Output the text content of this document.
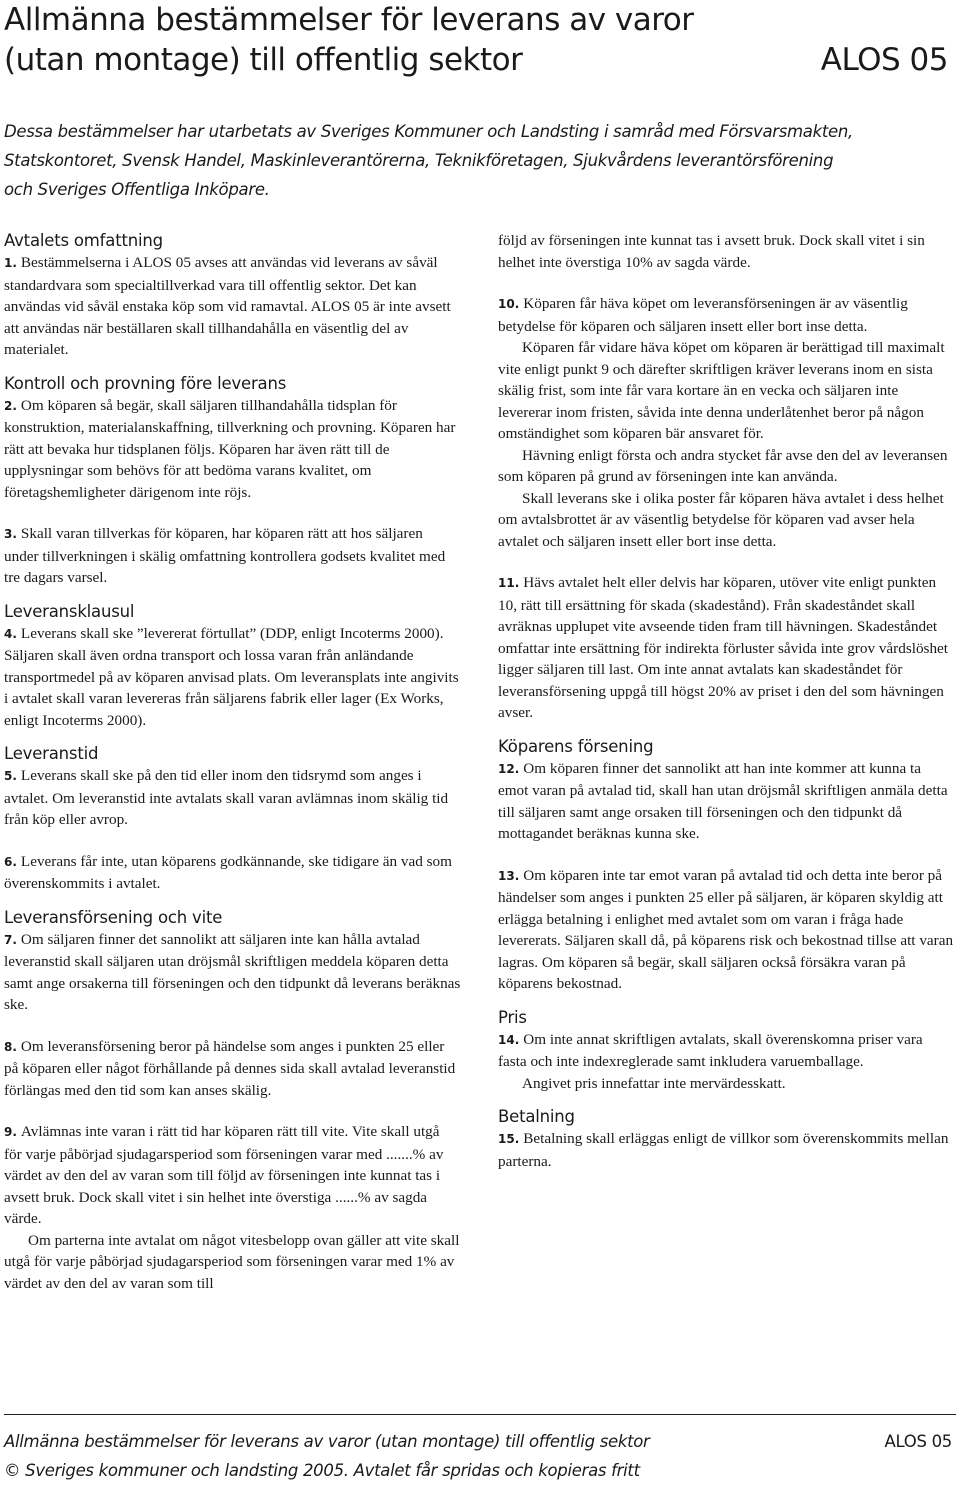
Allmänna bestämmelser för leverans av varor
(utan montage) till offentlig sektor	ALOS 05
Dessa bestämmelser har utarbetats av Sveriges Kommuner och Landsting i samråd med Försvarsmakten,
Statskontoret, Svensk Handel, Maskinleverantörerna, Teknikföretagen, Sjukvårdens leverantörsförening
och Sveriges Offentliga Inköpare.
Avtalets omfattning

1. Bestämmelserna i ALOS 05 avses att användas vid leverans av såväl standardvara som specialtillverkad vara till offentlig sektor. Det kan användas vid såväl enstaka köp som vid ramavtal. ALOS 05 är inte avsett att användas när beställaren skall tillhandahålla en väsentlig del av materialet.

Kontroll och provning före leverans

2. Om köparen så begär, skall säljaren tillhandahålla tidsplan för konstruktion, materialanskaffning, tillverkning och provning. Köparen har rätt att bevaka hur tidsplanen följs. Köparen har även rätt till de upplysningar som behövs för att bedöma varans kvalitet, om företagshemligheter därigenom inte röjs.

3. Skall varan tillverkas för köparen, har köparen rätt att hos säljaren under tillverkningen i skälig omfattning kontrollera godsets kvalitet med tre dagars varsel.

Leveransklausul

4. Leverans skall ske ”levererat förtullat” (DDP, enligt Incoterms 2000). Säljaren skall även ordna transport och lossa varan från anländande transportmedel på av köparen anvisad plats. Om leveransplats inte angivits i avtalet skall varan levereras från säljarens fabrik eller lager (Ex Works, enligt Incoterms 2000).

Leveranstid

5. Leverans skall ske på den tid eller inom den tidsrymd som anges i avtalet. Om leveranstid inte avtalats skall varan avlämnas inom skälig tid från köp eller avrop.

6. Leverans får inte, utan köparens godkännande, ske tidigare än vad som överenskommits i avtalet.

Leveransförsening och vite

7. Om säljaren finner det sannolikt att säljaren inte kan hålla avtalad leveranstid skall säljaren utan dröjsmål skriftligen meddela köparen detta samt ange orsakerna till förseningen och den tidpunkt då leverans beräknas ske.

8. Om leveransförsening beror på händelse som anges i punkten 25 eller på köparen eller något förhållande på dennes sida skall avtalad leveranstid förlängas med den tid som kan anses skälig.

9. Avlämnas inte varan i rätt tid har köparen rätt till vite. Vite skall utgå för varje påbörjad sjudagarsperiod som förseningen varar med .......% av värdet av den del av varan som till följd av förseningen inte kunnat tas i avsett bruk. Dock skall vitet i sin helhet inte överstiga ......% av sagda värde.

Om parterna inte avtalat om något vitesbelopp ovan gäller att vite skall utgå för varje påbörjad sjudagarsperiod som förseningen varar med 1% av värdet av den del av varan som till

följd av förseningen inte kunnat tas i avsett bruk. Dock skall vitet i sin helhet inte överstiga 10% av sagda värde.

10. Köparen får häva köpet om leveransförseningen är av väsentlig betydelse för köparen och säljaren insett eller bort inse detta.

Köparen får vidare häva köpet om köparen är berättigad till maximalt vite enligt punkt 9 och därefter skriftligen kräver leverans inom en sista skälig frist, som inte får vara kortare än en vecka och säljaren inte levererar inom fristen, såvida inte denna underlåtenhet beror på någon omständighet som köparen bär ansvaret för.

Hävning enligt första och andra stycket får avse den del av leveransen som köparen på grund av förseningen inte kan använda.

Skall leverans ske i olika poster får köparen häva avtalet i dess helhet om avtalsbrottet är av väsentlig betydelse för köparen vad avser hela avtalet och säljaren insett eller bort inse detta.

11. Hävs avtalet helt eller delvis har köparen, utöver vite enligt punkten 10, rätt till ersättning för skada (skadestånd). Från skadeståndet skall avräknas upplupet vite avseende tiden fram till hävningen. Skadeståndet omfattar inte ersättning för indirekta förluster såvida inte grov vårdslöshet ligger säljaren till last. Om inte annat avtalats kan skadeståndet för leveransförsening uppgå till högst 20% av priset i den del som hävningen avser.

Köparens försening

12. Om köparen finner det sannolikt att han inte kommer att kunna ta emot varan på avtalad tid, skall han utan dröjsmål skriftligen anmäla detta till säljaren samt ange orsaken till förseningen och den tidpunkt då mottagandet beräknas kunna ske.

13. Om köparen inte tar emot varan på avtalad tid och detta inte beror på händelser som anges i punkten 25 eller på säljaren, är köparen skyldig att erlägga betalning i enlighet med avtalet som om varan i fråga hade levererats. Säljaren skall då, på köparens risk och bekostnad tillse att varan lagras. Om köparen så begär, skall säljaren också försäkra varan på köparens bekostnad.

Pris

14. Om inte annat skriftligen avtalats, skall överenskomna priser vara fasta och inte indexreglerade samt inkludera varuemballage.

Angivet pris innefattar inte mervärdesskatt.

Betalning

15. Betalning skall erläggas enligt de villkor som överenskommits mellan parterna.

Allmänna bestämmelser för leverans av varor (utan montage) till offentlig sektor	ALOS 05
© Sveriges kommuner och landsting 2005. Avtalet får spridas och kopieras fritt
